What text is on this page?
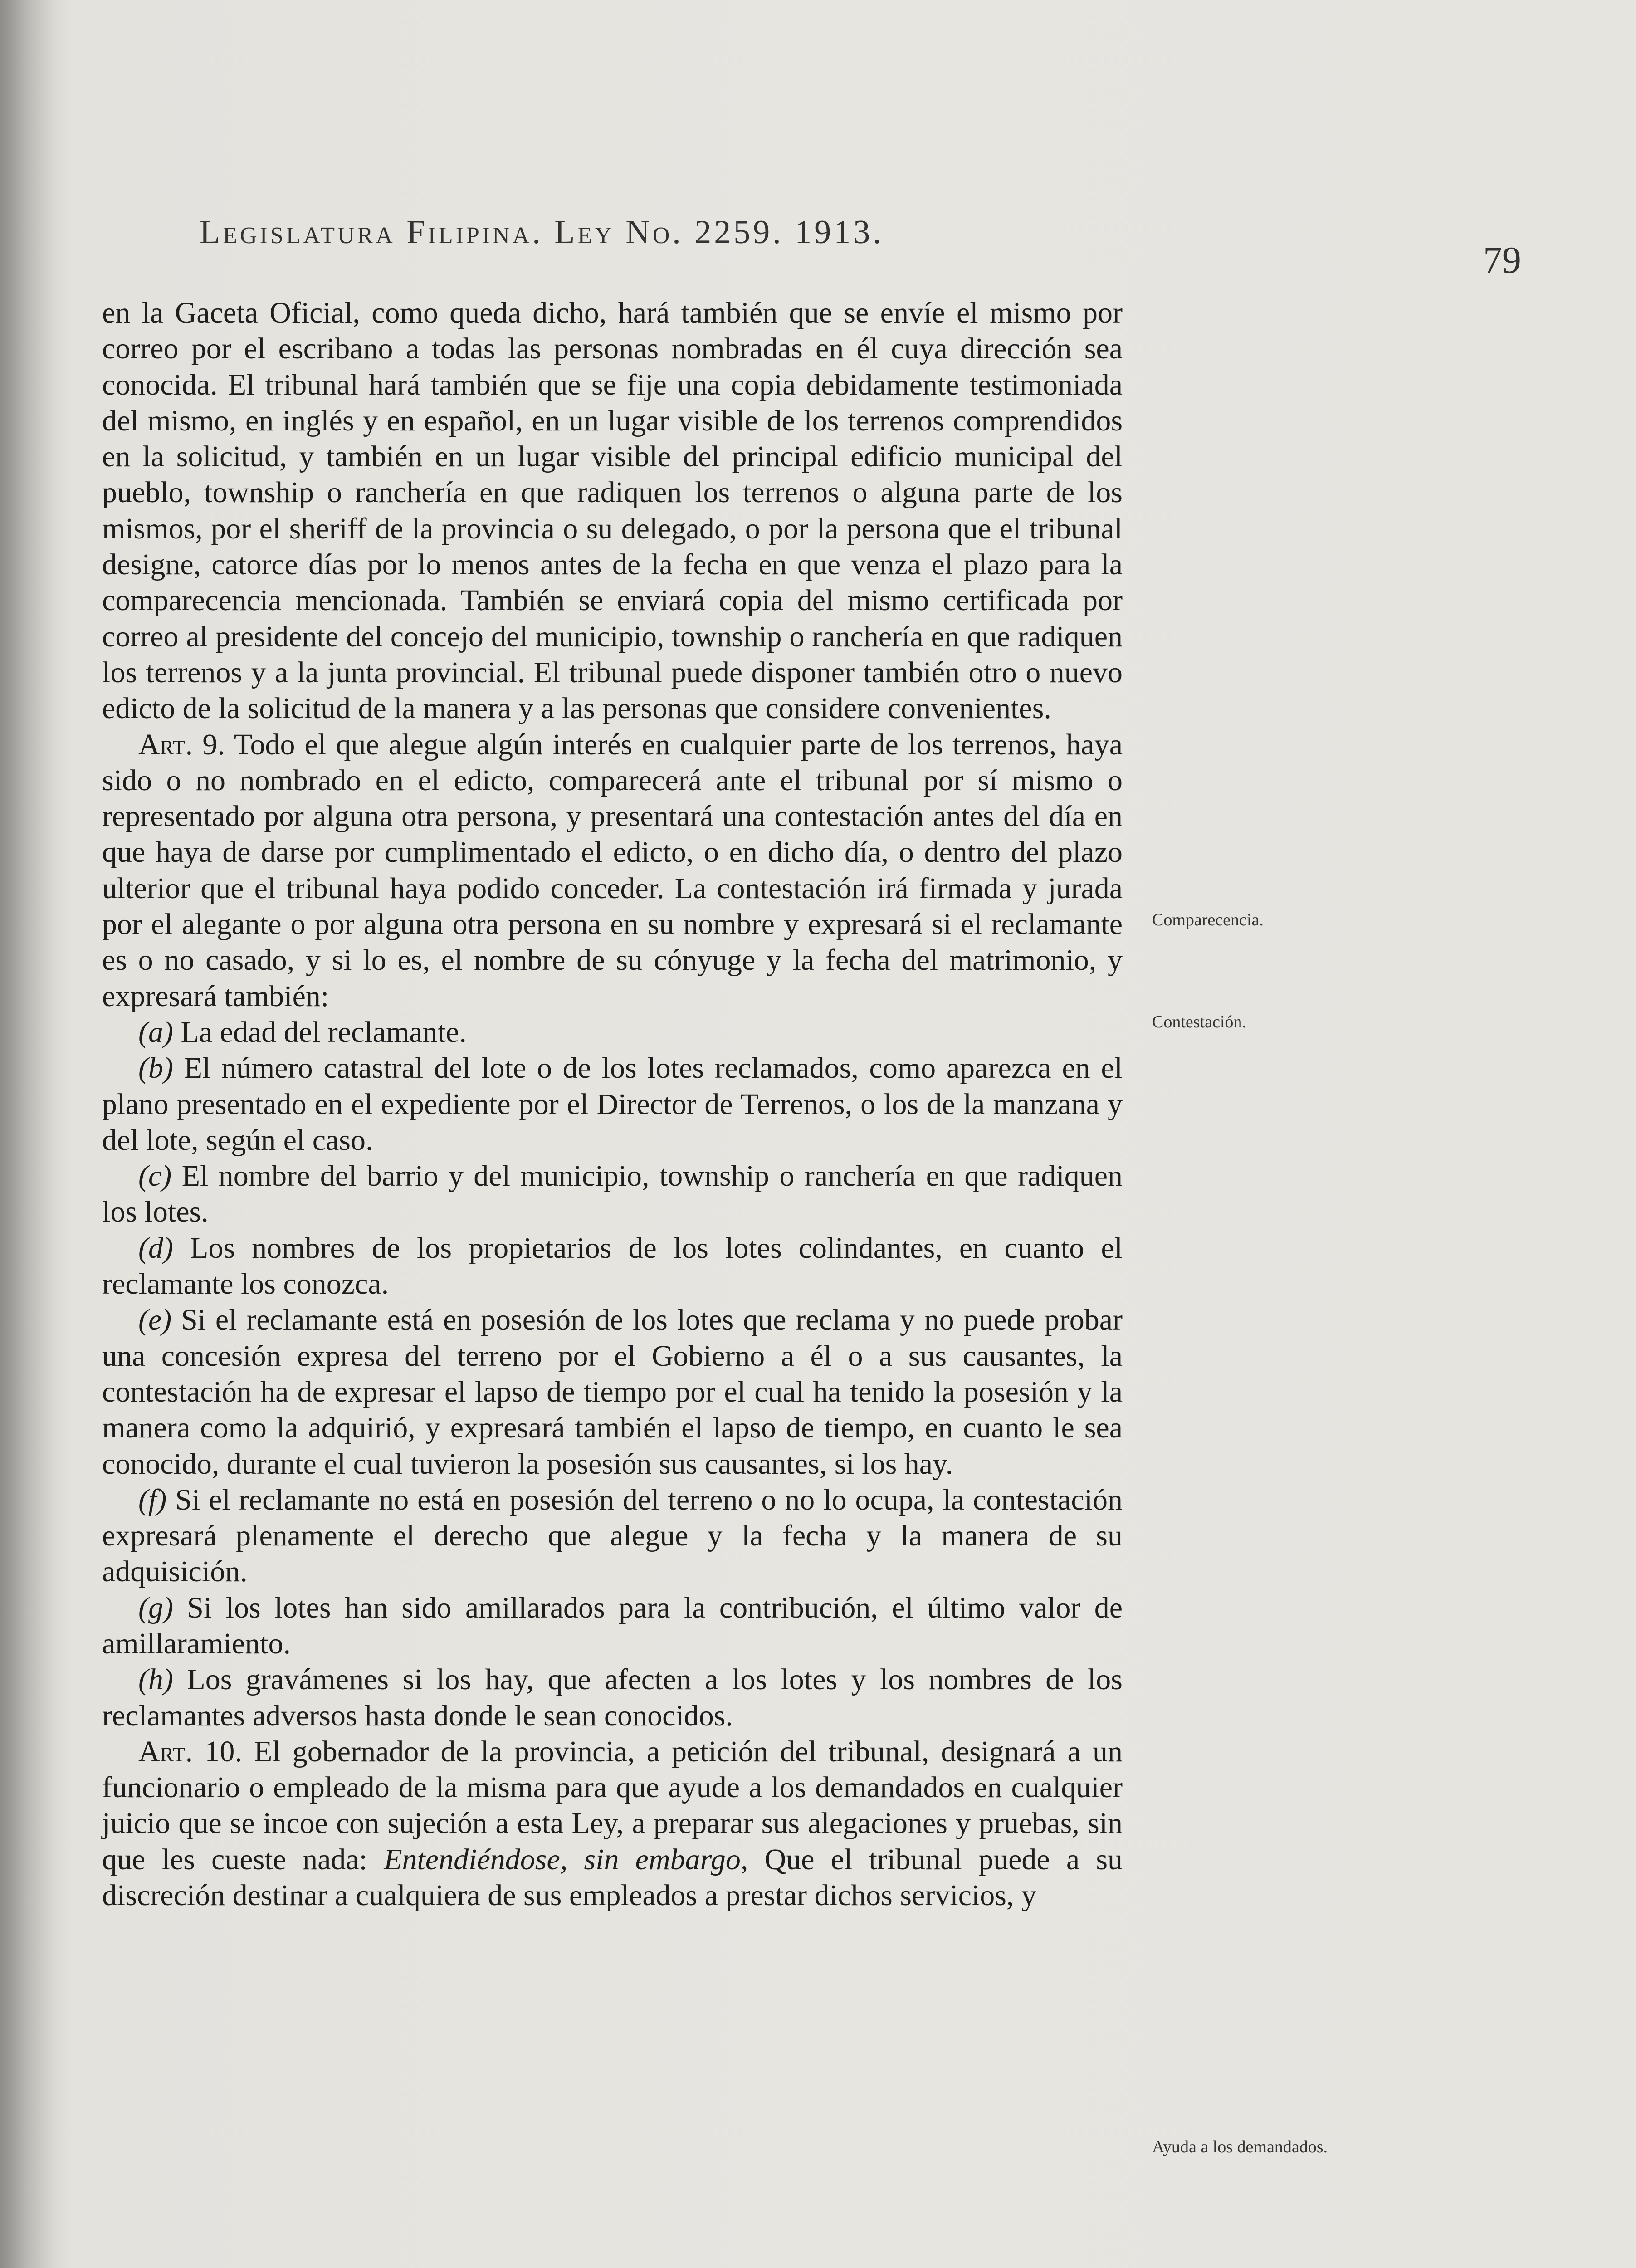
Legislatura Filipina. Ley No. 2259. 1913.
79

en la Gaceta Oficial, como queda dicho, hará también que se envíe el mismo por correo por el escribano a todas las personas nombradas en él cuya dirección sea conocida. El tribunal hará también que se fije una copia debidamente testimoniada del mismo, en inglés y en español, en un lugar visible de los terrenos comprendidos en la solicitud, y también en un lugar visible del principal edificio municipal del pueblo, township o ranchería en que radiquen los terrenos o alguna parte de los mismos, por el sheriff de la provincia o su delegado, o por la persona que el tribunal designe, catorce días por lo menos antes de la fecha en que venza el plazo para la comparecencia mencionada. También se enviará copia del mismo certificada por correo al presidente del concejo del municipio, township o ranchería en que radiquen los terrenos y a la junta provincial. El tribunal puede disponer también otro o nuevo edicto de la solicitud de la manera y a las personas que considere convenientes.

Art. 9. Todo el que alegue algún interés en cualquier parte de los terrenos, haya sido o no nombrado en el edicto, comparecerá ante el tribunal por sí mismo o representado por alguna otra persona, y presentará una contestación antes del día en que haya de darse por cumplimentado el edicto, o en dicho día, o dentro del plazo ulterior que el tribunal haya podido conceder. La contestación irá firmada y jurada por el alegante o por alguna otra persona en su nombre y expresará si el reclamante es o no casado, y si lo es, el nombre de su cónyuge y la fecha del matrimonio, y expresará también:

(a) La edad del reclamante.

(b) El número catastral del lote o de los lotes reclamados, como aparezca en el plano presentado en el expediente por el Director de Terrenos, o los de la manzana y del lote, según el caso.

(c) El nombre del barrio y del municipio, township o ranchería en que radiquen los lotes.

(d) Los nombres de los propietarios de los lotes colindantes, en cuanto el reclamante los conozca.

(e) Si el reclamante está en posesión de los lotes que reclama y no puede probar una concesión expresa del terreno por el Gobierno a él o a sus causantes, la contestación ha de expresar el lapso de tiempo por el cual ha tenido la posesión y la manera como la adquirió, y expresará también el lapso de tiempo, en cuanto le sea conocido, durante el cual tuvieron la posesión sus causantes, si los hay.

(f) Si el reclamante no está en posesión del terreno o no lo ocupa, la contestación expresará plenamente el derecho que alegue y la fecha y la manera de su adquisición.

(g) Si los lotes han sido amillarados para la contribución, el último valor de amillaramiento.

(h) Los gravámenes si los hay, que afecten a los lotes y los nombres de los reclamantes adversos hasta donde le sean conocidos.

Art. 10. El gobernador de la provincia, a petición del tribunal, designará a un funcionario o empleado de la misma para que ayude a los demandados en cualquier juicio que se incoe con sujeción a esta Ley, a preparar sus alegaciones y pruebas, sin que les cueste nada: Entendiéndose, sin embargo, Que el tribunal puede a su discreción destinar a cualquiera de sus empleados a prestar dichos servicios, y

Comparecencia.
Contestación.
Ayuda a los demandados.
